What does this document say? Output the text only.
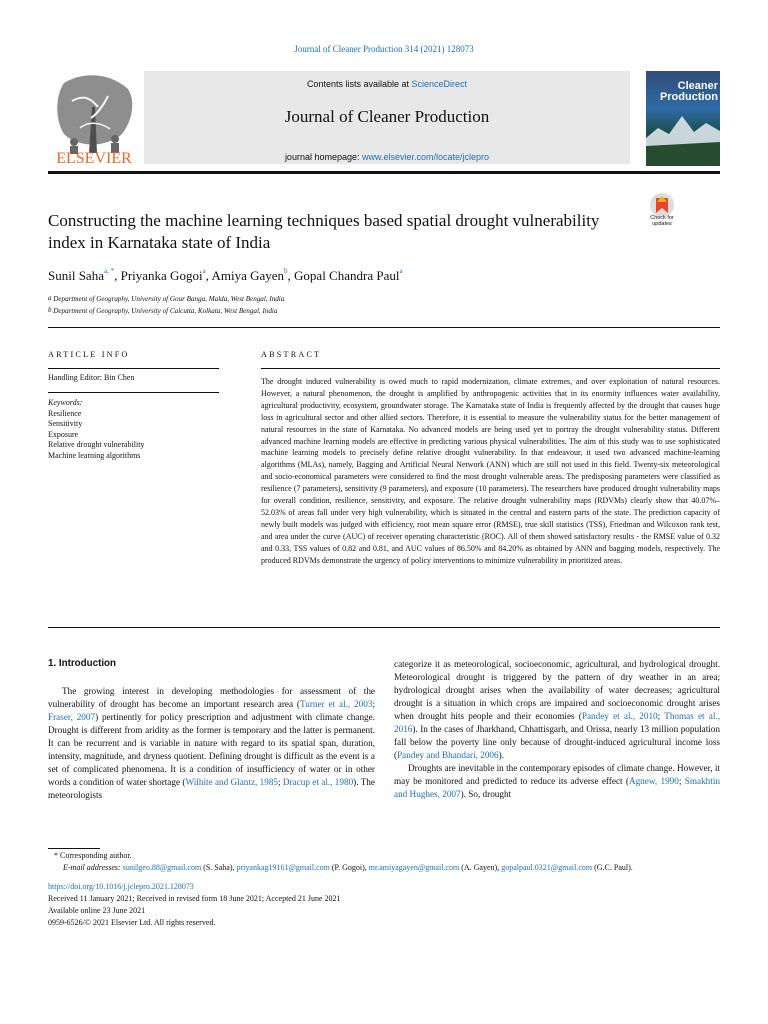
Journal of Cleaner Production 314 (2021) 128073
ELSEVIER
Contents lists available at ScienceDirect
Journal of Cleaner Production
journal homepage: www.elsevier.com/locate/jclepro
Cleaner Production
Constructing the machine learning techniques based spatial drought vulnerability index in Karnataka state of India
Check for updates
Sunil Saha$^{a, *}$, Priyanka Gogoi$^a$, Amiya Gayen$^b$, Gopal Chandra Paul$^a$
$^a$ Department of Geography, University of Gour Banga, Malda, West Bengal, India
$^b$ Department of Geography, University of Calcutta, Kolkata, West Bengal, India
ARTICLE INFO
Handling Editor: Bin Chen
Keywords:
Resilience
Sensitivity
Exposure
Relative drought vulnerability
Machine learning algorithms
ABSTRACT
The drought induced vulnerability is owed much to rapid modernization, climate extremes, and over exploitation of natural resources. However, a natural phenomenon, the drought is amplified by anthropogenic activities that in its enormity influences water availability, agricultural productivity, ecosystem, groundwater storage. The Karnataka state of India is frequently affected by the drought that causes huge loss in agricultural sector and other allied sectors. Therefore, it is essential to measure the vulnerability status for the better management of natural resources in the state of Karnataka. No advanced models are being used yet to portray the drought vulnerability status. Different advanced machine learning models are effective in predicting various physical vulnerabilities. The aim of this study was to use sophisticated machine learning models to precisely define relative drought vulnerability. In that endeavour, it used two advanced machine-learning algorithms (MLAs), namely, Bagging and Artificial Neural Network (ANN) which are still not used in this field. Twenty-six meteorological and socio-economical parameters were considered to find the most drought vulnerable areas. The predisposing parameters were classified as resilience (7 parameters), sensitivity (9 parameters), and exposure (10 parameters). The researchers have produced drought vulnerability maps for overall condition, resilience, sensitivity, and exposure. The relative drought vulnerability maps (RDVMs) clearly show that 40.07%–52.03% of areas fall under very high vulnerability, which is situated in the central and eastern parts of the state. The prediction capacity of newly built models was judged with efficiency, root mean square error (RMSE), true skill statistics (TSS), Friedman and Wilcoxon rank test, and area under the curve (AUC) of receiver operating characteristic (ROC). All of them showed satisfactory results - the RMSE value of 0.32 and 0.33, TSS values of 0.82 and 0.81, and AUC values of 86.50% and 84.20% as obtained by ANN and bagging models, respectively. The produced RDVMs demonstrate the urgency of policy interventions to minimize vulnerability in prioritized areas.
1. Introduction

The growing interest in developing methodologies for assessment of the vulnerability of drought has become an important research area (Turner et al., 2003; Fraser, 2007) pertinently for policy prescription and adjustment with climate change. Drought is different from aridity as the former is temporary and the latter is permanent. It can be recurrent and is variable in nature with regard to its spatial span, duration, intensity, magnitude, and dryness quotient. Defining drought is difficult as the event is a set of complicated phenomena. It is a condition of insufficiency of water or in other words a condition of water shortage (Wilhite and Glantz, 1985; Dracup et al., 1980). The meteorologists

categorize it as meteorological, socioeconomic, agricultural, and hydrological drought. Meteorological drought is triggered by the pattern of dry weather in an area; hydrological drought arises when the availability of water decreases; agricultural drought is a situation in which crops are impaired and socioeconomic drought arises when drought hits people and their economies (Pandey et al., 2010; Thomas et al., 2016). In the cases of Jharkhand, Chhattisgarh, and Orissa, nearly 13 million population fall below the poverty line only because of drought-induced agricultural income loss (Pandey and Bhandari, 2006).

Droughts are inevitable in the contemporary episodes of climate change. However, it may be monitored and predicted to reduce its adverse effect (Agnew, 1990; Smakhtin and Hughes, 2007). So, drought

* Corresponding author.
E-mail addresses: sunilgeo.88@gmail.com (S. Saha), priyankag19161@gmail.com (P. Gogoi), mr.amiyagayen@gmail.com (A. Gayen), gopalpaul.0321@gmail.com (G.C. Paul).
https://doi.org/10.1016/j.jclepro.2021.128073
Received 11 January 2021; Received in revised form 18 June 2021; Accepted 21 June 2021
Available online 23 June 2021
0959-6526/© 2021 Elsevier Ltd. All rights reserved.
